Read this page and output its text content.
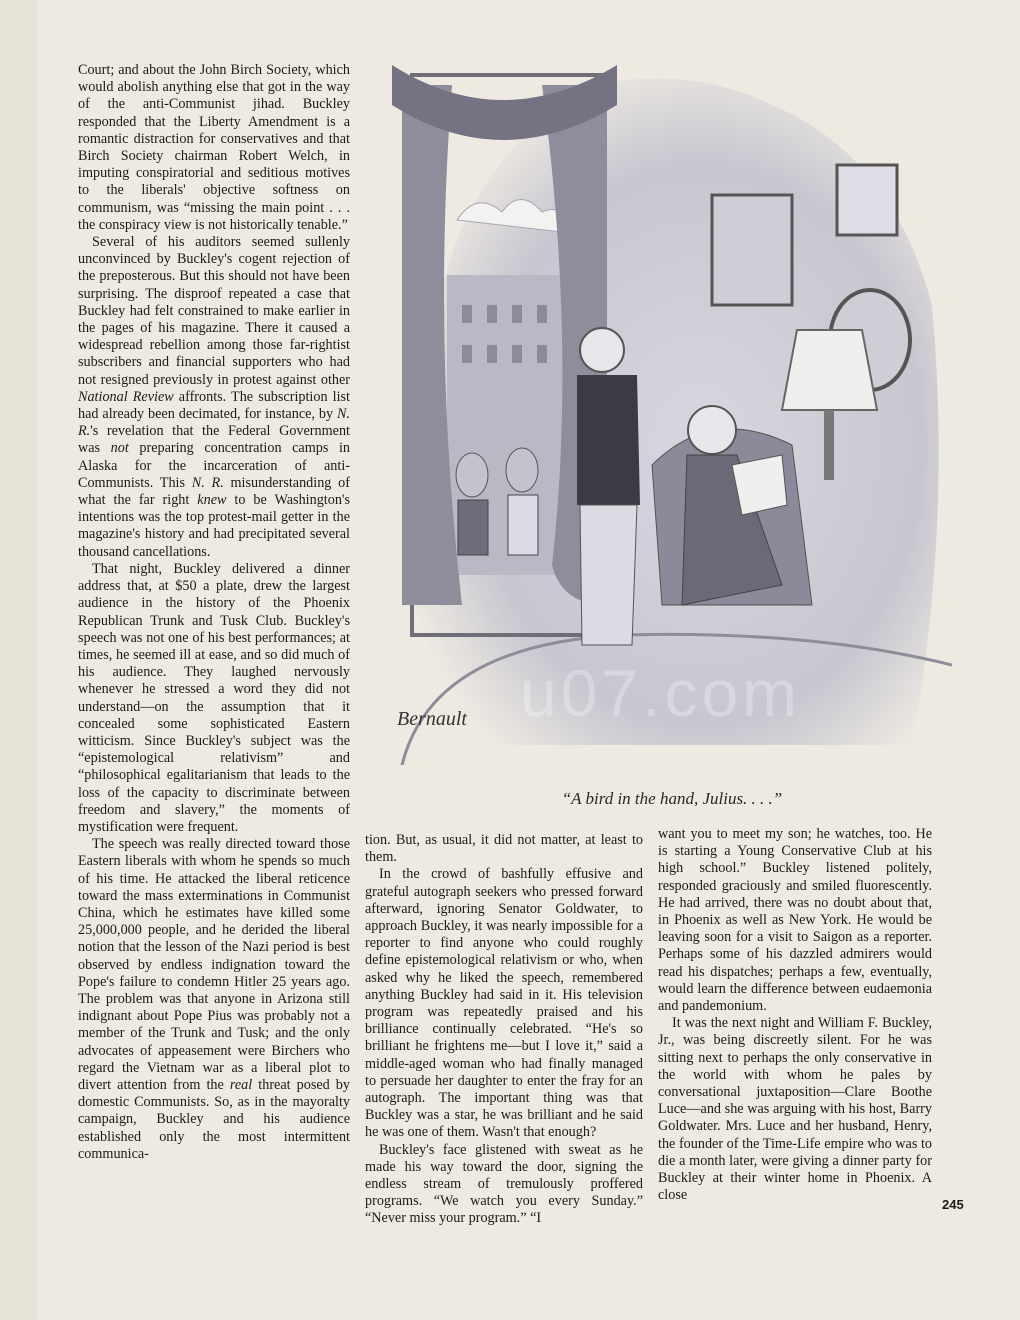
Court; and about the John Birch Society, which would abolish anything else that got in the way of the anti-Communist jihad. Buckley responded that the Liberty Amendment is a romantic distraction for conservatives and that Birch Society chairman Robert Welch, in imputing conspiratorial and seditious motives to the liberals' objective softness on communism, was “missing the main point . . . the conspiracy view is not historically tenable.”

Several of his auditors seemed sullenly unconvinced by Buckley's cogent rejection of the preposterous. But this should not have been surprising. The disproof repeated a case that Buckley had felt constrained to make earlier in the pages of his magazine. There it caused a widespread rebellion among those far-rightist subscribers and financial supporters who had not resigned previously in protest against other National Review affronts. The subscription list had already been decimated, for instance, by N. R.'s revelation that the Federal Government was not preparing concentration camps in Alaska for the incarceration of anti-Communists. This N. R. misunderstanding of what the far right knew to be Washington's intentions was the top protest-mail getter in the magazine's history and had precipitated several thousand cancellations.

That night, Buckley delivered a dinner address that, at $50 a plate, drew the largest audience in the history of the Phoenix Republican Trunk and Tusk Club. Buckley's speech was not one of his best performances; at times, he seemed ill at ease, and so did much of his audience. They laughed nervously whenever he stressed a word they did not understand—on the assumption that it concealed some sophisticated Eastern witticism. Since Buckley's subject was the “epistemological relativism” and “philosophical egalitarianism that leads to the loss of the capacity to discriminate between freedom and slavery,” the moments of mystification were frequent.

The speech was really directed toward those Eastern liberals with whom he spends so much of his time. He attacked the liberal reticence toward the mass exterminations in Communist China, which he estimates have killed some 25,000,000 people, and he derided the liberal notion that the lesson of the Nazi period is best observed by endless indignation toward the Pope's failure to condemn Hitler 25 years ago. The problem was that anyone in Arizona still indignant about Pope Pius was probably not a member of the Trunk and Tusk; and the only advocates of appeasement were Birchers who regard the Vietnam war as a liberal plot to divert attention from the real threat posed by domestic Communists. So, as in the mayoralty campaign, Buckley and his audience established only the most intermittent communica-

Bernault
“A bird in the hand, Julius. . . .”
u07.com

tion. But, as usual, it did not matter, at least to them.

In the crowd of bashfully effusive and grateful autograph seekers who pressed forward afterward, ignoring Senator Goldwater, to approach Buckley, it was nearly impossible for a reporter to find anyone who could roughly define epistemological relativism or who, when asked why he liked the speech, remembered anything Buckley had said in it. His television program was repeatedly praised and his brilliance continually celebrated. “He's so brilliant he frightens me—but I love it,” said a middle-aged woman who had finally managed to persuade her daughter to enter the fray for an autograph. The important thing was that Buckley was a star, he was brilliant and he said he was one of them. Wasn't that enough?

Buckley's face glistened with sweat as he made his way toward the door, signing the endless stream of tremulously proffered programs. “We watch you every Sunday.” “Never miss your program.” “I

want you to meet my son; he watches, too. He is starting a Young Conservative Club at his high school.” Buckley listened politely, responded graciously and smiled fluorescently. He had arrived, there was no doubt about that, in Phoenix as well as New York. He would be leaving soon for a visit to Saigon as a reporter. Perhaps some of his dazzled admirers would read his dispatches; perhaps a few, eventually, would learn the difference between eudaemonia and pandemonium.

It was the next night and William F. Buckley, Jr., was being discreetly silent. For he was sitting next to perhaps the only conservative in the world with whom he pales by conversational juxtaposition—Clare Boothe Luce—and she was arguing with his host, Barry Goldwater. Mrs. Luce and her husband, Henry, the founder of the Time-Life empire who was to die a month later, were giving a dinner party for Buckley at their winter home in Phoenix. A close

245
